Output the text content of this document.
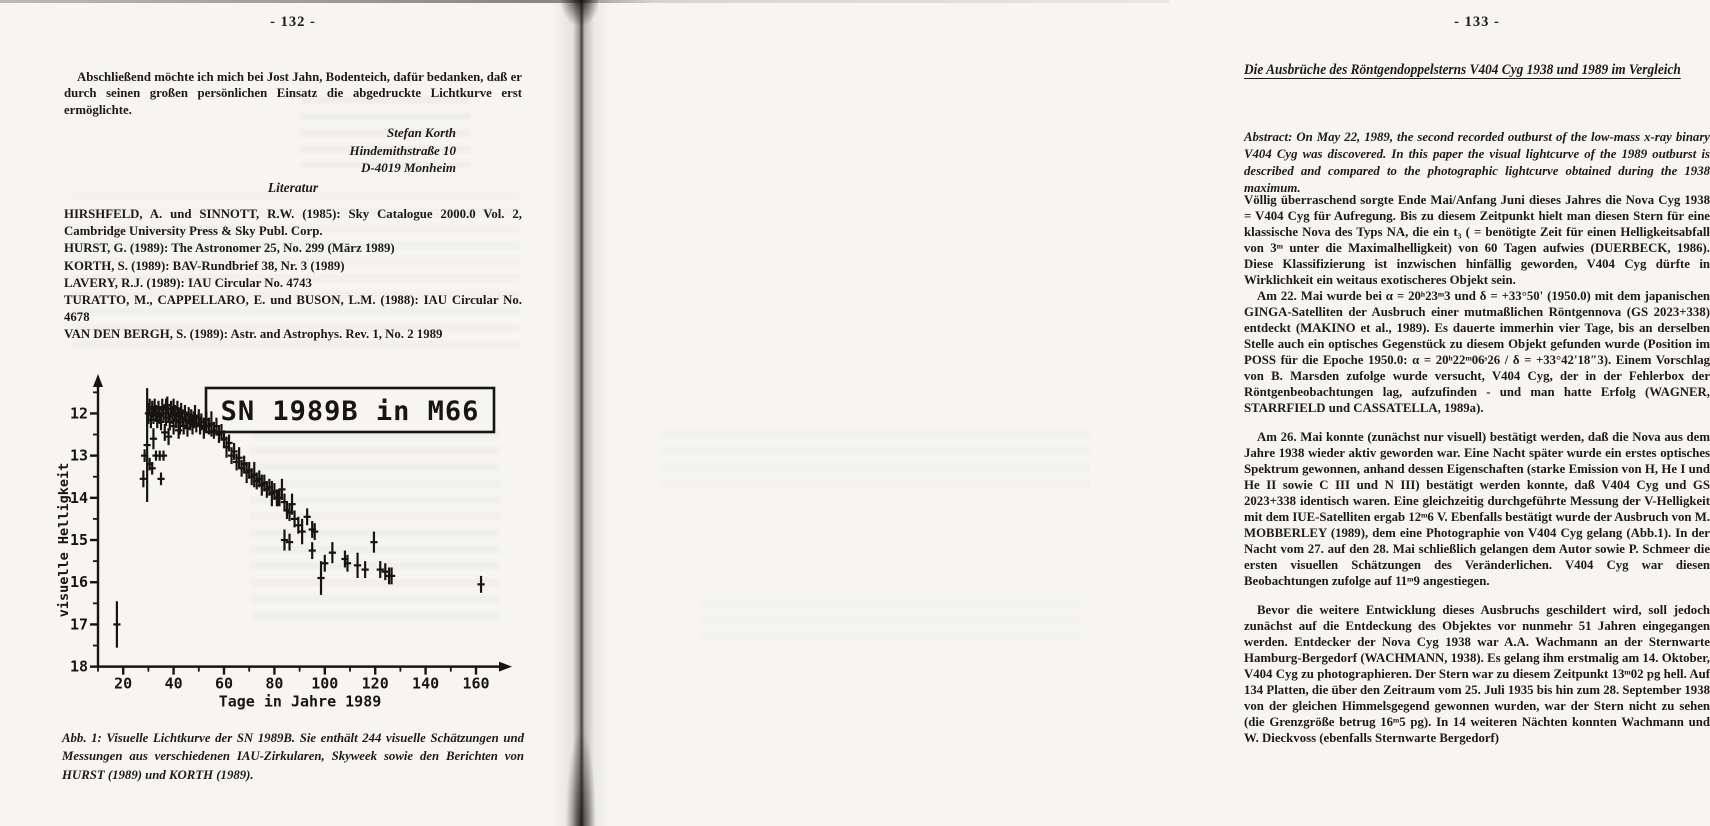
- 132 -

Abschließend möchte ich mich bei Jost Jahn, Bodenteich, dafür bedanken, daß er durch seinen großen persönlichen Einsatz die abgedruckte Lichtkurve erst ermöglichte.

Stefan Korth
Hindemithstraße 10
D-4019 Monheim
Literatur

HIRSHFELD, A. und SINNOTT, R.W. (1985): Sky Catalogue 2000.0 Vol. 2, Cambridge University Press & Sky Publ. Corp.

HURST, G. (1989): The Astronomer 25, No. 299 (März 1989)

KORTH, S. (1989): BAV-Rundbrief 38, Nr. 3 (1989)

LAVERY, R.J. (1989): IAU Circular No. 4743

TURATTO, M., CAPPELLARO, E. und BUSON, L.M. (1988): IAU Circular No. 4678

VAN DEN BERGH, S. (1989): Astr. and Astrophys. Rev. 1, No. 2 1989

20 40 60 80 100 120 140 160
12
13
14
15
16
17
18
visuelle Helligkeit
Tage in Jahre 1989
SN 1989B in M66

Abb. 1: Visuelle Lichtkurve der SN 1989B. Sie enthält 244 visuelle Schätzungen und Messungen aus verschiedenen IAU-Zirkularen, Skyweek sowie den Berichten von HURST (1989) und KORTH (1989).

- 133 -
Die Ausbrüche des Röntgendoppelsterns V404 Cyg 1938 und 1989 im Vergleich

Abstract: On May 22, 1989, the second recorded outburst of the low-mass x-ray binary V404 Cyg was discovered. In this paper the visual lightcurve of the 1989 outburst is described and compared to the photographic lightcurve obtained during the 1938 maximum.

Völlig überraschend sorgte Ende Mai/Anfang Juni dieses Jahres die Nova Cyg 1938 = V404 Cyg für Aufregung. Bis zu diesem Zeitpunkt hielt man diesen Stern für eine klassische Nova des Typs NA, die ein t₃ ( = benötigte Zeit für einen Helligkeitsabfall von 3ᵐ unter die Maximalhelligkeit) von 60 Tagen aufwies (DUERBECK, 1986). Diese Klassifizierung ist inzwischen hinfällig geworden, V404 Cyg dürfte in Wirklichkeit ein weitaus exotischeres Objekt sein.

Am 22. Mai wurde bei α = 20ʰ23ᵐ3 und δ = +33°50' (1950.0) mit dem japanischen GINGA-Satelliten der Ausbruch einer mutmaßlichen Röntgennova (GS 2023+338) entdeckt (MAKINO et al., 1989). Es dauerte immerhin vier Tage, bis an derselben Stelle auch ein optisches Gegenstück zu diesem Objekt gefunden wurde (Position im POSS für die Epoche 1950.0: α = 20ʰ22ᵐ06ˢ26 / δ = +33°42'18″3). Einem Vorschlag von B. Marsden zufolge wurde versucht, V404 Cyg, der in der Fehlerbox der Röntgenbeobachtungen lag, aufzufinden - und man hatte Erfolg (WAGNER, STARRFIELD und CASSATELLA, 1989a).

Am 26. Mai konnte (zunächst nur visuell) bestätigt werden, daß die Nova aus dem Jahre 1938 wieder aktiv geworden war. Eine Nacht später wurde ein erstes optisches Spektrum gewonnen, anhand dessen Eigenschaften (starke Emission von H, He I und He II sowie C III und N III) bestätigt werden konnte, daß V404 Cyg und GS 2023+338 identisch waren. Eine gleichzeitig durchgeführte Messung der V-Helligkeit mit dem IUE-Satelliten ergab 12ᵐ6 V. Ebenfalls bestätigt wurde der Ausbruch von M. MOBBERLEY (1989), dem eine Photographie von V404 Cyg gelang (Abb.1). In der Nacht vom 27. auf den 28. Mai schließlich gelangen dem Autor sowie P. Schmeer die ersten visuellen Schätzungen des Veränderlichen. V404 Cyg war diesen Beobachtungen zufolge auf 11ᵐ9 angestiegen.

Bevor die weitere Entwicklung dieses Ausbruchs geschildert wird, soll jedoch zunächst auf die Entdeckung des Objektes vor nunmehr 51 Jahren eingegangen werden. Entdecker der Nova Cyg 1938 war A.A. Wachmann an der Sternwarte Hamburg-Bergedorf (WACHMANN, 1938). Es gelang ihm erstmalig am 14. Oktober, V404 Cyg zu photographieren. Der Stern war zu diesem Zeitpunkt 13ᵐ02 pg hell. Auf 134 Platten, die über den Zeitraum vom 25. Juli 1935 bis hin zum 28. September 1938 von der gleichen Himmelsgegend gewonnen wurden, war der Stern nicht zu sehen (die Grenzgröße betrug 16ᵐ5 pg). In 14 weiteren Nächten konnten Wachmann und W. Dieckvoss (ebenfalls Sternwarte Bergedorf)
